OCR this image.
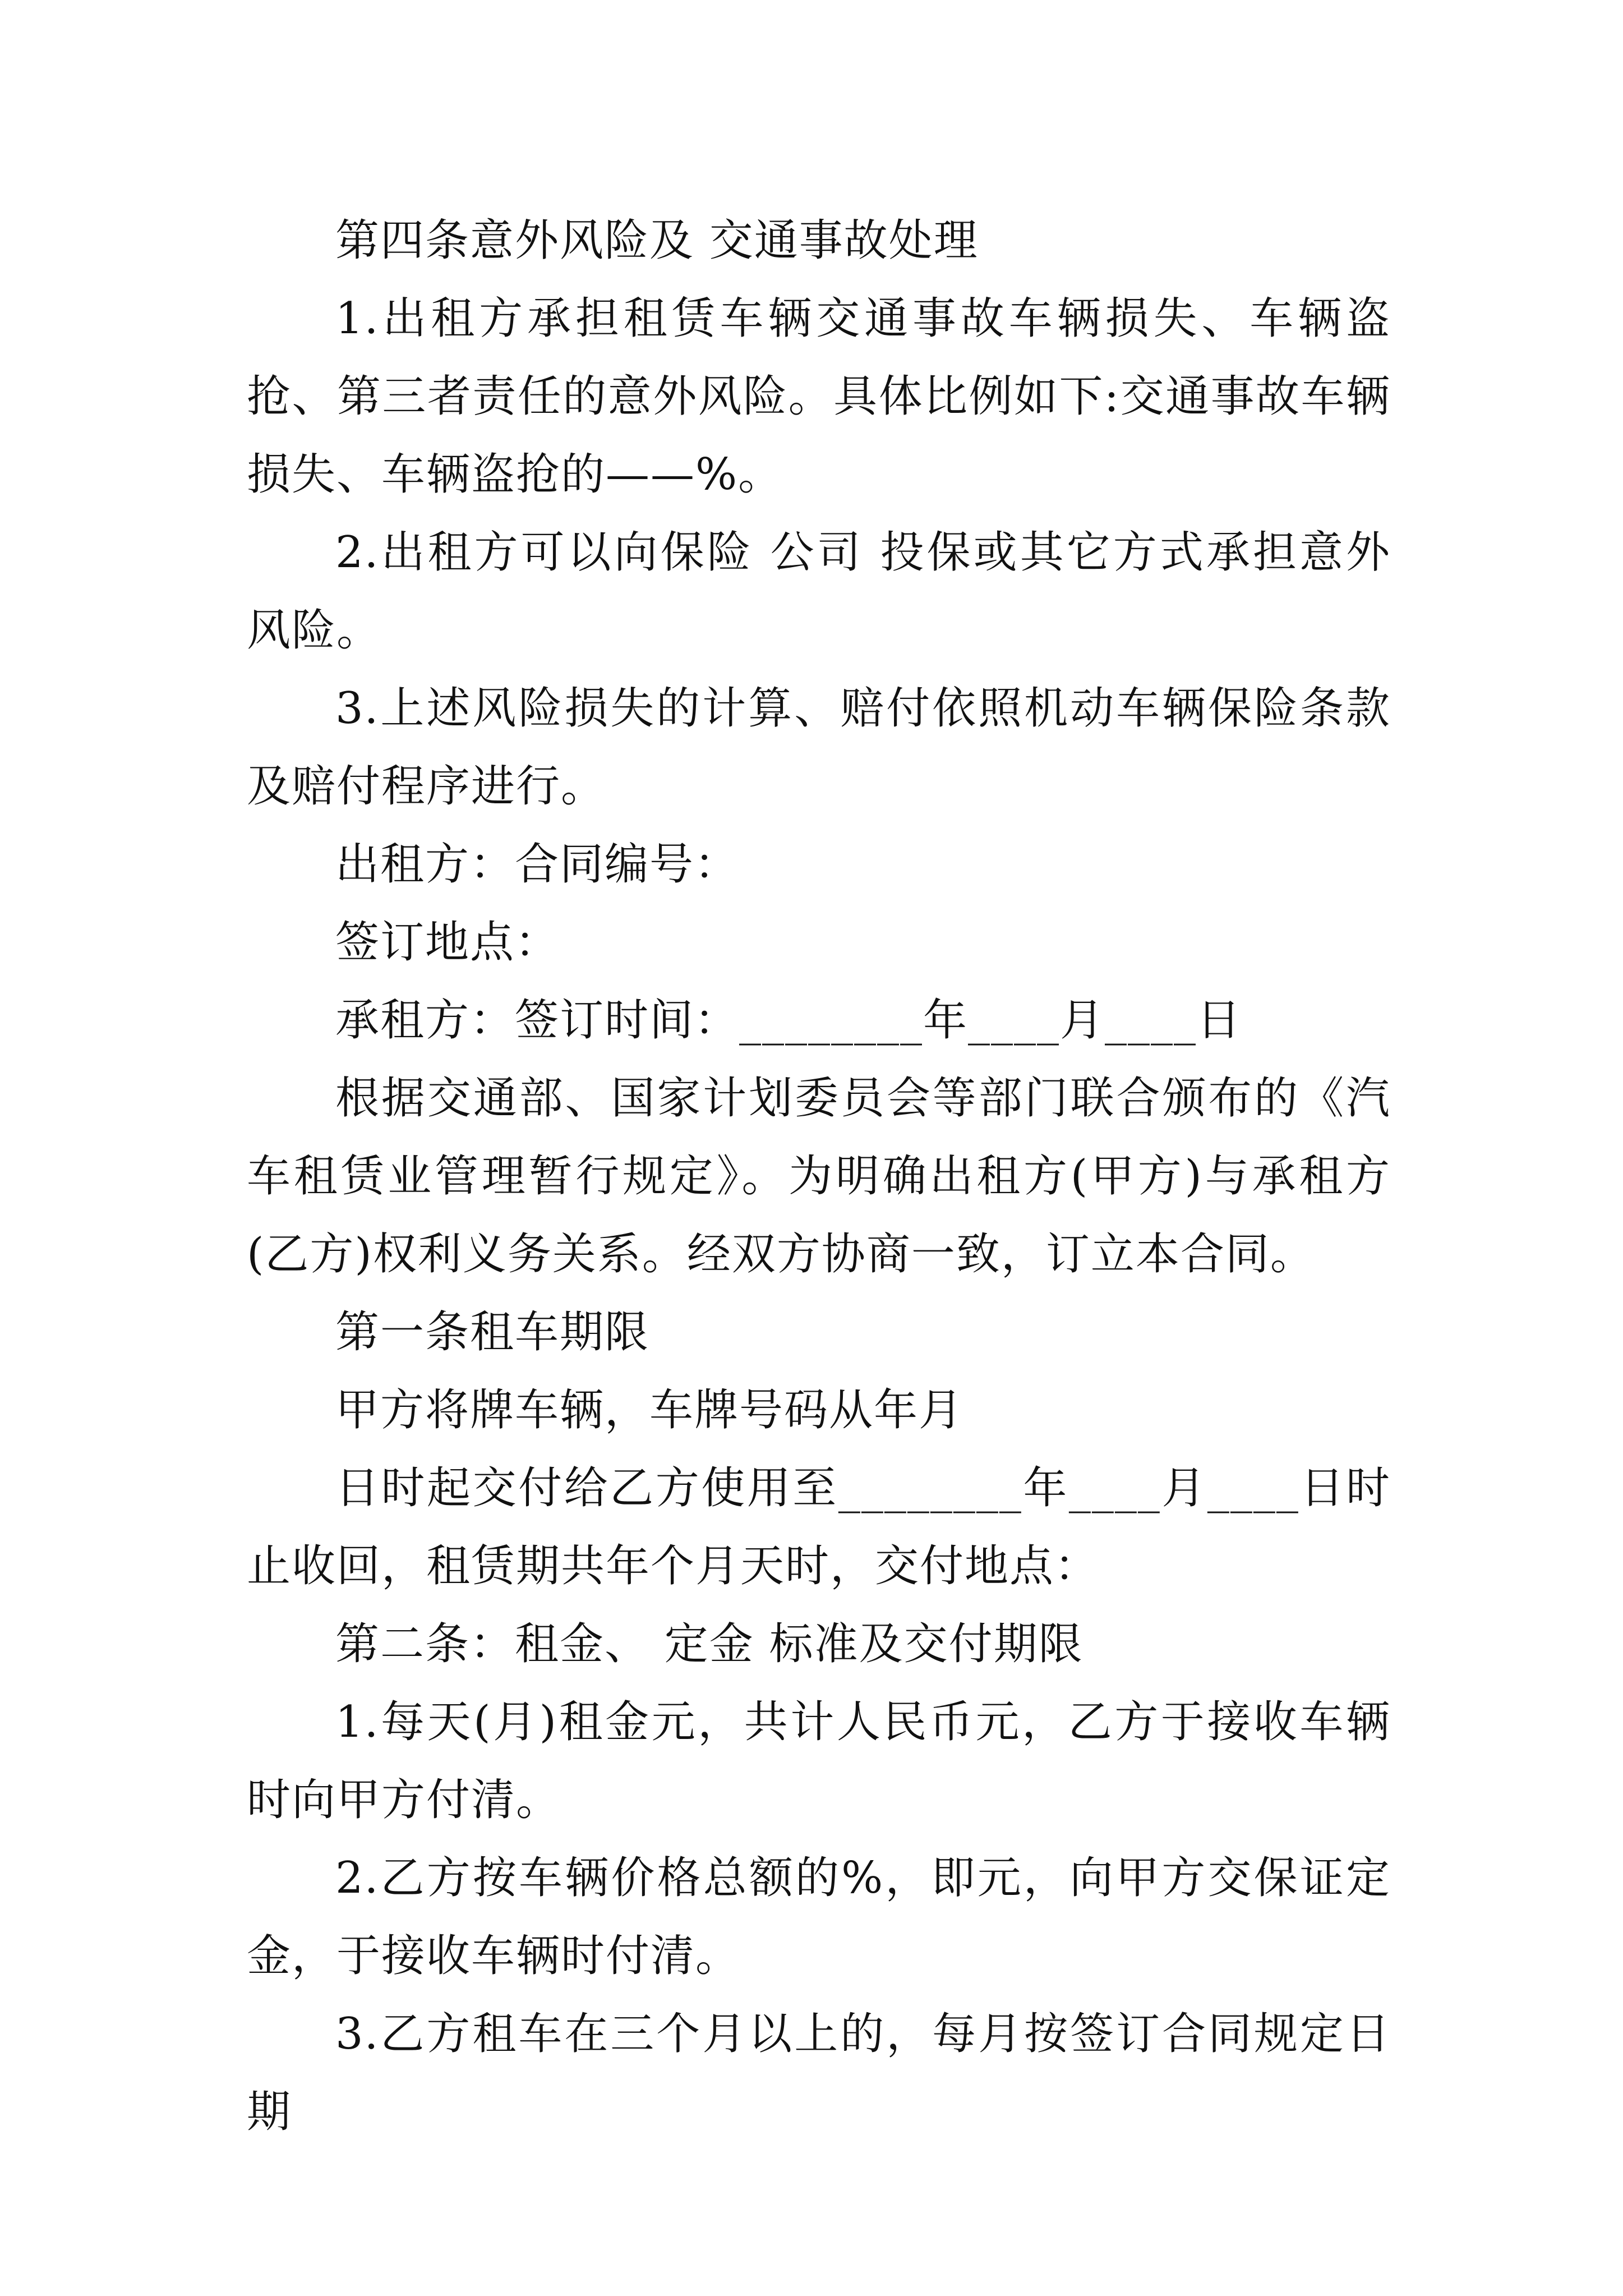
第四条意外风险及 交通事故处理

1.出租方承担租赁车辆交通事故车辆损失、车辆盗抢、第三者责任的意外风险。具体比例如下:交通事故车辆损失、车辆盗抢的——%。

2.出租方可以向保险 公司 投保或其它方式承担意外风险。

3.上述风险损失的计算、赔付依照机动车辆保险条款及赔付程序进行。

出租方：合同编号：

签订地点：

承租方：签订时间：________年____月____日

根据交通部、国家计划委员会等部门联合颁布的《汽车租赁业管理暂行规定》。为明确出租方(甲方)与承租方(乙方)权利义务关系。经双方协商一致，订立本合同。

第一条租车期限

甲方将牌车辆，车牌号码从年月

日时起交付给乙方使用至________年____月____日时止收回，租赁期共年个月天时，交付地点：

第二条：租金、 定金 标准及交付期限

1.每天(月)租金元，共计人民币元，乙方于接收车辆时向甲方付清。

2.乙方按车辆价格总额的%，即元，向甲方交保证定金，于接收车辆时付清。

3.乙方租车在三个月以上的，每月按签订合同规定日期
